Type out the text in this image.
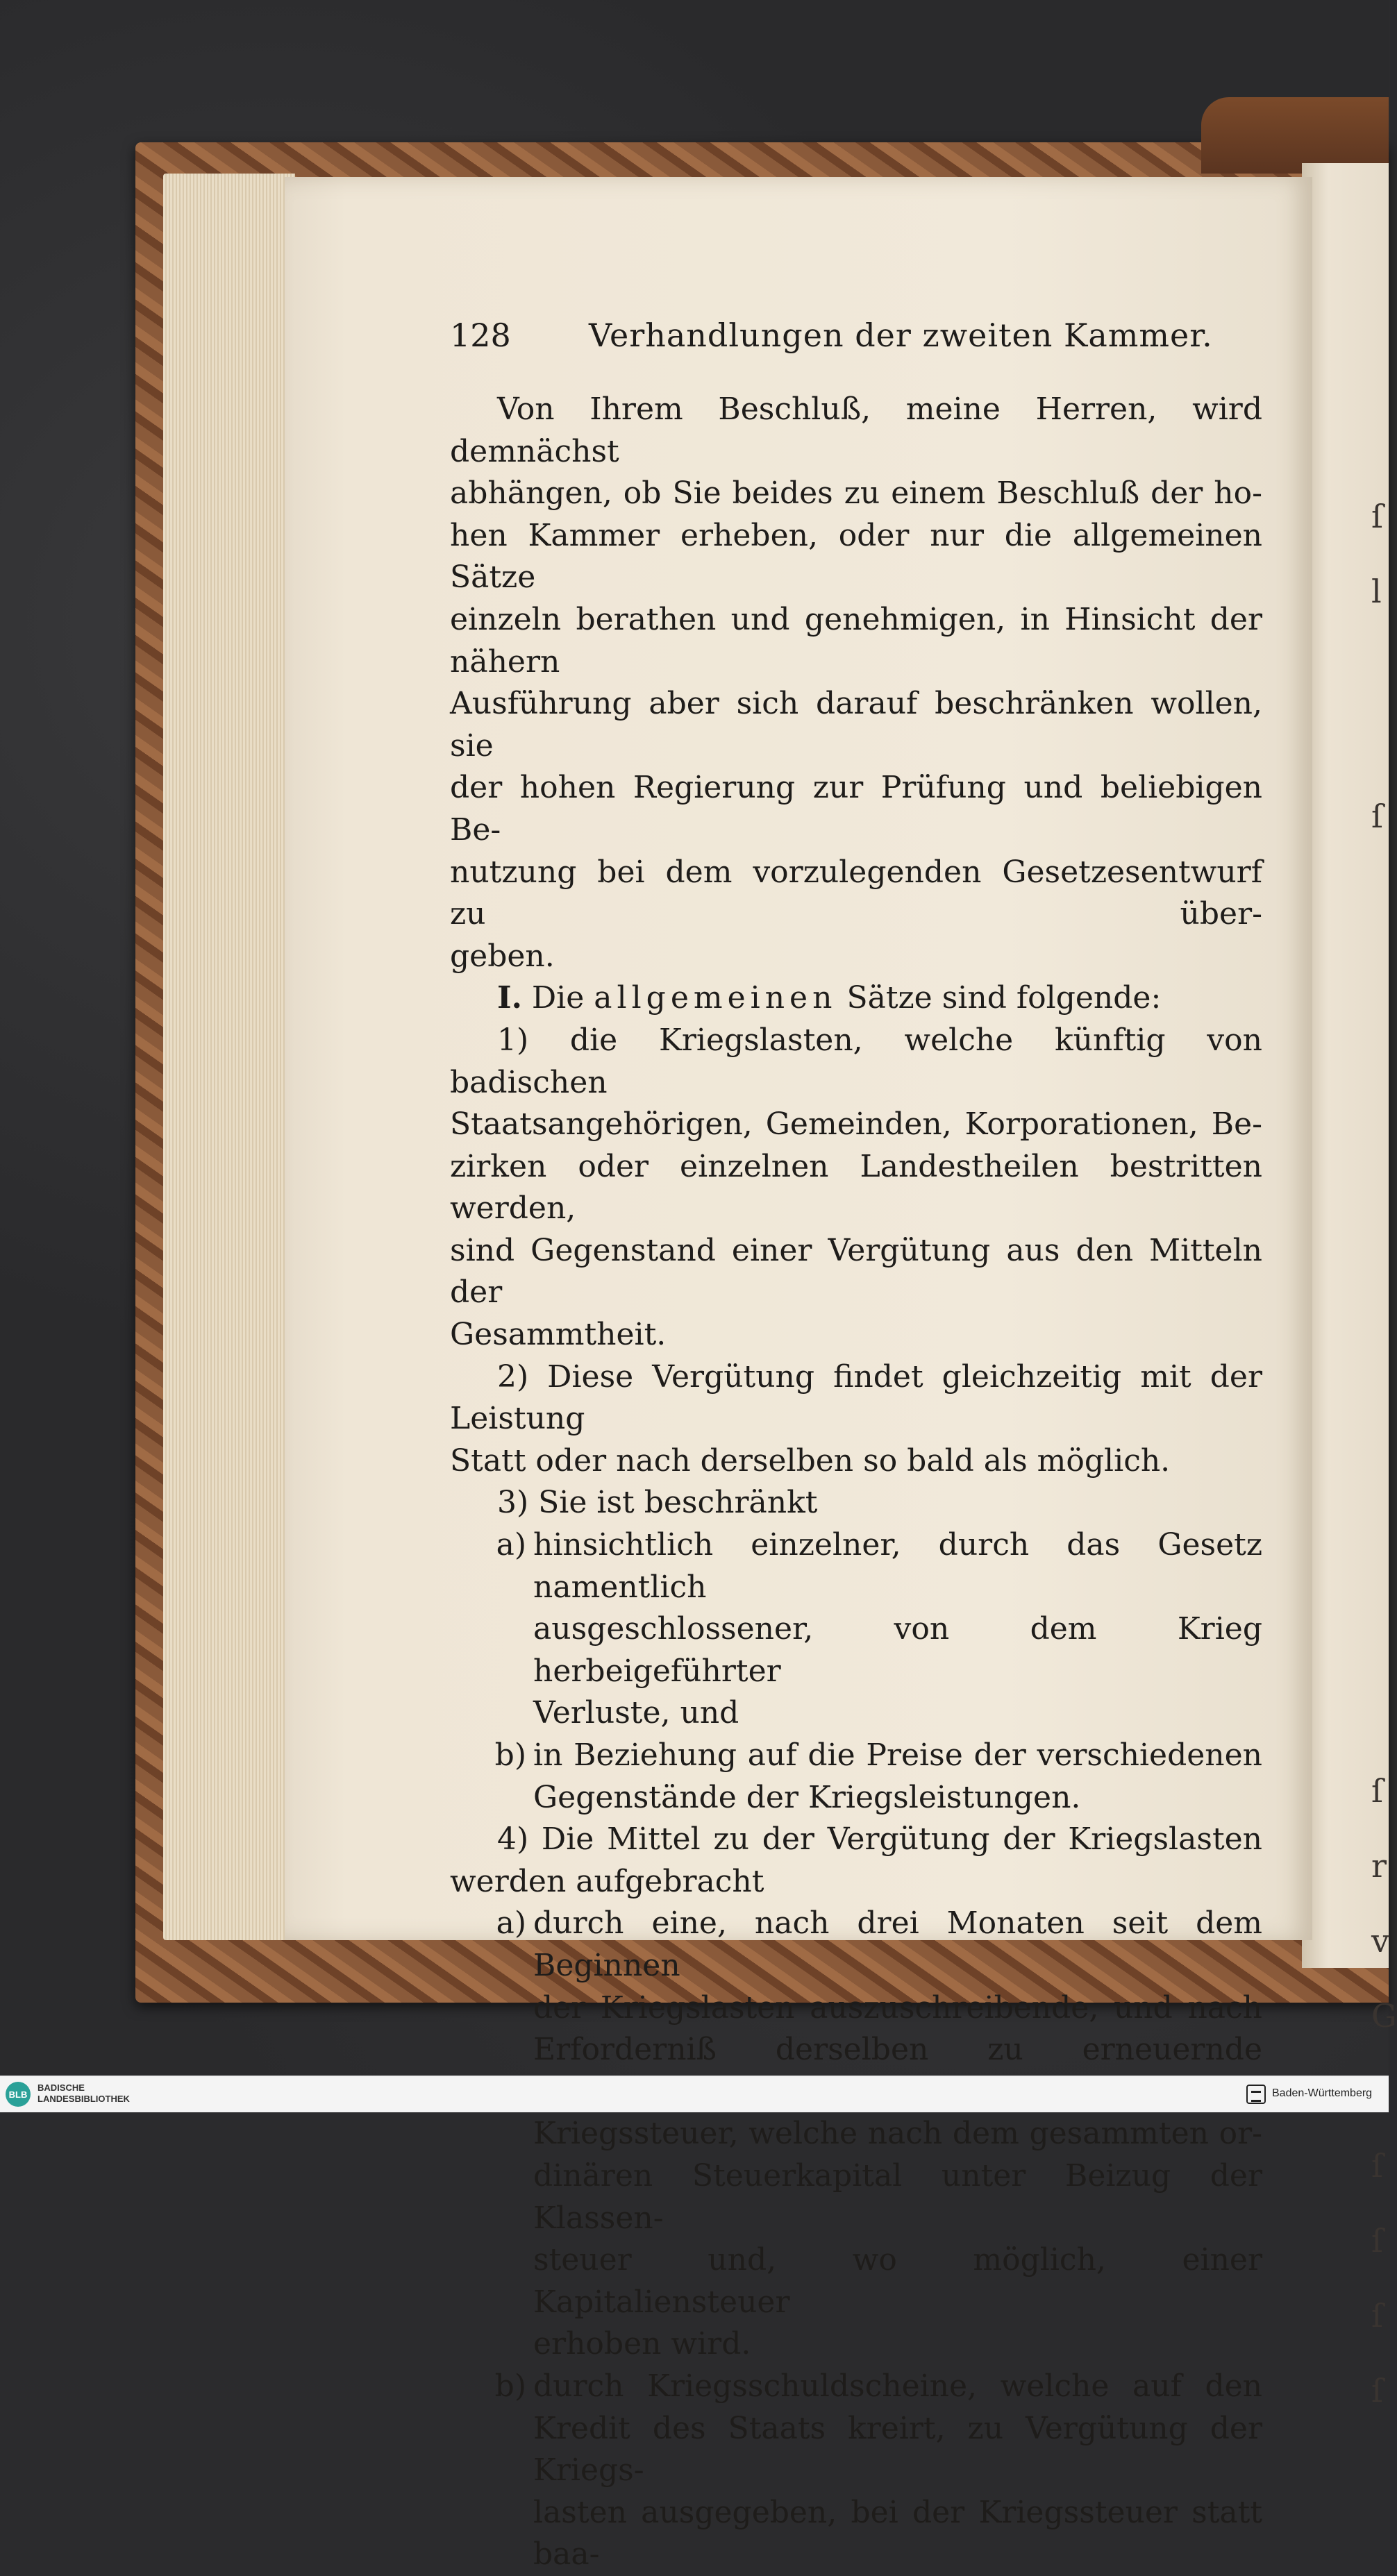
128	Verhandlungen der zweiten Kammer.

Von Ihrem Beschluß, meine Herren, wird demnächst

abhängen, ob Sie beides zu einem Beschluß der ho-

hen Kammer erheben, oder nur die allgemeinen Sätze

einzeln berathen und genehmigen, in Hinsicht der nähern

Ausführung aber sich darauf beschränken wollen, sie

der hohen Regierung zur Prüfung und beliebigen Be-

nutzung bei dem vorzulegenden Gesetzesentwurf zu über-

geben.

I. Die allgemeinen Sätze sind folgende:

1) die Kriegslasten, welche künftig von badischen

Staatsangehörigen, Gemeinden, Korporationen, Be-

zirken oder einzelnen Landestheilen bestritten werden,

sind Gegenstand einer Vergütung aus den Mitteln der

Gesammtheit.

2) Diese Vergütung findet gleichzeitig mit der Leistung

Statt oder nach derselben so bald als möglich.

3) Sie ist beschränkt

a) hinsichtlich einzelner, durch das Gesetz namentlich

ausgeschlossener, von dem Krieg herbeigeführter

Verluste, und

b) in Beziehung auf die Preise der verschiedenen

Gegenstände der Kriegsleistungen.

4) Die Mittel zu der Vergütung der Kriegslasten

werden aufgebracht

a) durch eine, nach drei Monaten seit dem Beginnen

der Kriegslasten auszuschreibende, und nach

Erforderniß derselben zu erneuernde

Kriegssteuer, welche nach dem gesammten or-

dinären Steuerkapital unter Beizug der Klassen-

steuer und, wo möglich, einer Kapitaliensteuer

erhoben wird.

b) durch Kriegsschuldscheine, welche auf den

Kredit des Staats kreirt, zu Vergütung der Kriegs-

lasten ausgegeben, bei der Kriegssteuer statt baa-

ſ
l

ſ

ſ
r
v
G

ſ
ſ
ſ
ſ
BLB
BADISCHE
LANDESBIBLIOTHEK	Baden-Württemberg
